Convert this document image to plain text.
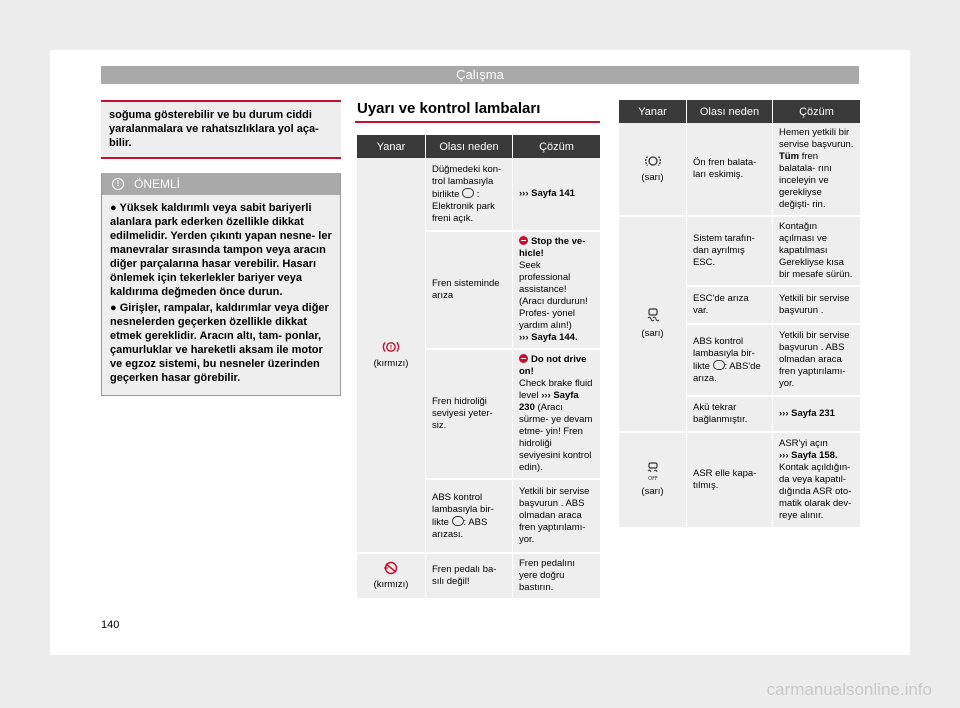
Çalışma
soğuma gösterebilir ve bu durum ciddi yaralanmalara ve rahatsızlıklara yol aça- bilir.
!	ÖNEMLİ

● Yüksek kaldırımlı veya sabit bariyerli alanlara park ederken özellikle dikkat edilmelidir. Yerden çıkıntı yapan nesne- ler manevralar sırasında tampon veya aracın diğer parçalarına hasar verebilir. Hasarı önlemek için tekerlekler bariyer veya kaldırıma değmeden önce durun.

● Girişler, rampalar, kaldırımlar veya diğer nesnelerden geçerken özellikle dikkat etmek gereklidir. Aracın altı, tam- ponlar, çamurluklar ve hareketli aksam ile motor ve egzoz sistemi, bu nesneler üzerinden geçerken hasar görebilir.

Uyarı ve kontrol lambaları
Yanar	Olası neden	Çözüm

!
(kırmızı)	Düğmedeki kon- trol lambasıyla birlikte : Elektronik park freni açık.	››› Sayfa 141
	Fren sisteminde arıza	Stop the ve- hicle!
Seek professional assistance! (Aracı durdurun! Profes- yonel yardım alın!)
››› Sayfa 144.
	Fren hidroliği seviyesi yeter- siz.	Do not drive on!
Check brake fluid level ››› Sayfa 230 (Aracı sürme- ye devam etme- yin! Fren hidroliği seviyesini kontrol edin).
	ABS kontrol lambasıyla bir- likte : ABS arızası.	Yetkili bir servise başvurun . ABS olmadan araca fren yaptırılamı- yor.

(kırmızı)	Fren pedalı ba- sılı değil!	Fren pedalını yere doğru bastırın.
Yanar	Olası neden	Çözüm

(sarı)	Ön fren balata- ları eskimiş.	Hemen yetkili bir servise başvurun. Tüm fren balatala- rını inceleyin ve gerekliyse değişti- rin.

(sarı)	Sistem tarafın- dan ayrılmış ESC.	Kontağın açılması ve kapatılması Gerekliyse kısa bir mesafe sürün.
	ESC'de arıza var.	Yetkili bir servise başvurun .
	ABS kontrol lambasıyla bir- likte : ABS'de arıza.	Yetkili bir servise başvurun . ABS olmadan araca fren yaptırılamı- yor.
	Akü tekrar bağlanmıştır.	››› Sayfa 231

OFF
(sarı)	ASR elle kapa- tılmış.	ASR'yi açın
››› Sayfa 158.
Kontak açıldığın- da veya kapatıl- dığında ASR oto- matik olarak dev- reye alınır.
140
carmanualsonline.info
